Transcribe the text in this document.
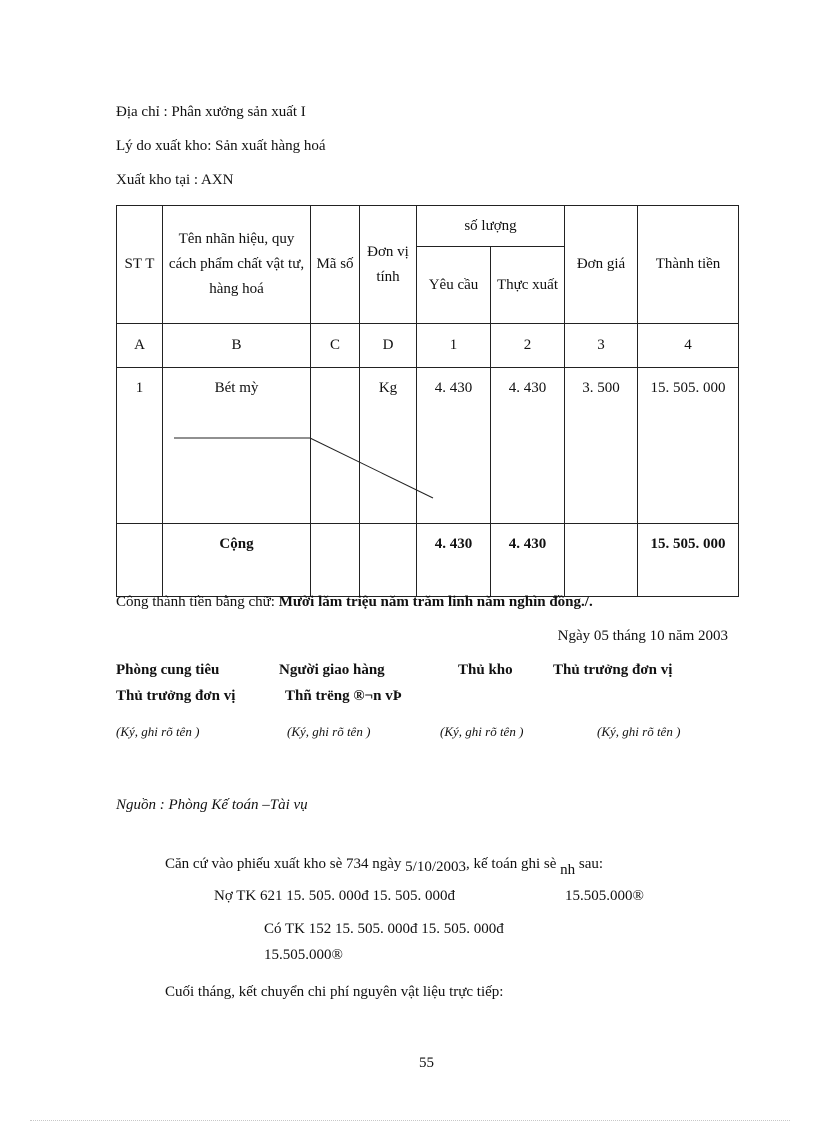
Địa chỉ : Phân xưởng sản xuất I
Lý do xuất kho: Sản xuất hàng hoá
Xuất kho tại : AXN
ST T	Tên nhãn hiệu, quy cách phẩm chất vật tư, hàng hoá	Mã số	Đơn vị tính	số lượng		Đơn giá	Thành tiền
				Yêu cầu	Thực xuất		
A	B	C	D	1	2	3	4
1	Bét mỳ		Kg	4. 430	4. 430	3. 500	15. 505. 000
	Cộng			4. 430	4. 430		15. 505. 000
Công thành tiền bằng chữ: Mười lăm triệu năm trăm linh năm nghìn đồng./.
Ngày 05 tháng 10 năm 2003
Phòng cung tiêu	Người giao hàng	Thủ kho	Thủ trưởng đơn vị
Thủ trưởng đơn vị	Thñ trëng ®¬n vÞ
(Ký, ghi rõ tên )	(Ký, ghi rõ tên )	(Ký, ghi rõ tên )	(Ký, ghi rõ tên )
Nguồn : Phòng Kế toán –Tài vụ
Căn cứ vào phiếu xuất kho sè 734 ngày 5/10/2003, kế toán ghi sè nh sau:
Nợ TK 621 15. 505. 000đ 15. 505. 000đ	15.505.000®
Có TK 152 15. 505. 000đ 15. 505. 000đ
15.505.000®
Cuối tháng, kết chuyển chi phí nguyên vật liệu trực tiếp:
55
